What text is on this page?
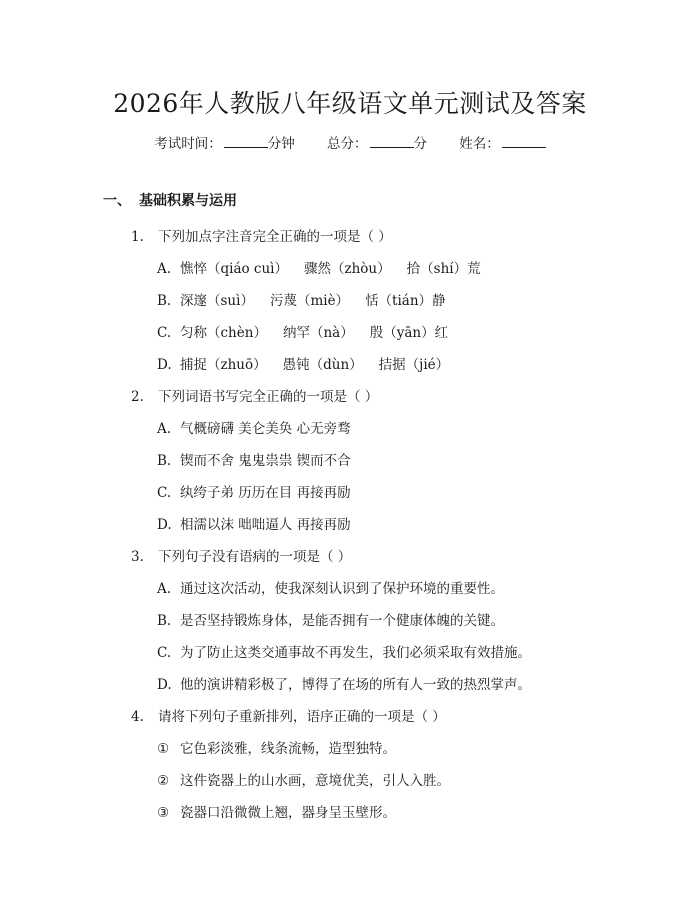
2026年人教版八年级语文单元测试及答案
考试时间：	分钟 总分：	分 姓名：
一、 基础积累与运用
1. 下列加点字注音完全正确的一项是（ ）
A. 憔悴（qiáo cuì） 骤然（zhòu） 拾（shí）荒
B. 深邃（suì） 污蔑（miè） 恬（tián）静
C. 匀称（chèn） 纳罕（nà） 殷（yān）红
D. 捕捉（zhuō） 愚钝（dùn） 拮据（jié）
2. 下列词语书写完全正确的一项是（ ）
A. 气概磅礴 美仑美奂 心无旁骛
B. 锲而不舍 鬼鬼祟祟 锲而不合
C. 纨绔子弟 历历在目 再接再励
D. 相濡以沫 咄咄逼人 再接再励
3. 下列句子没有语病的一项是（ ）
A. 通过这次活动，使我深刻认识到了保护环境的重要性。
B. 是否坚持锻炼身体，是能否拥有一个健康体魄的关键。
C. 为了防止这类交通事故不再发生，我们必须采取有效措施。
D. 他的演讲精彩极了，博得了在场的所有人一致的热烈掌声。
4. 请将下列句子重新排列，语序正确的一项是（ ）
① 它色彩淡雅，线条流畅，造型独特。
② 这件瓷器上的山水画，意境优美，引人入胜。
③ 瓷器口沿微微上翘，器身呈玉壁形。
